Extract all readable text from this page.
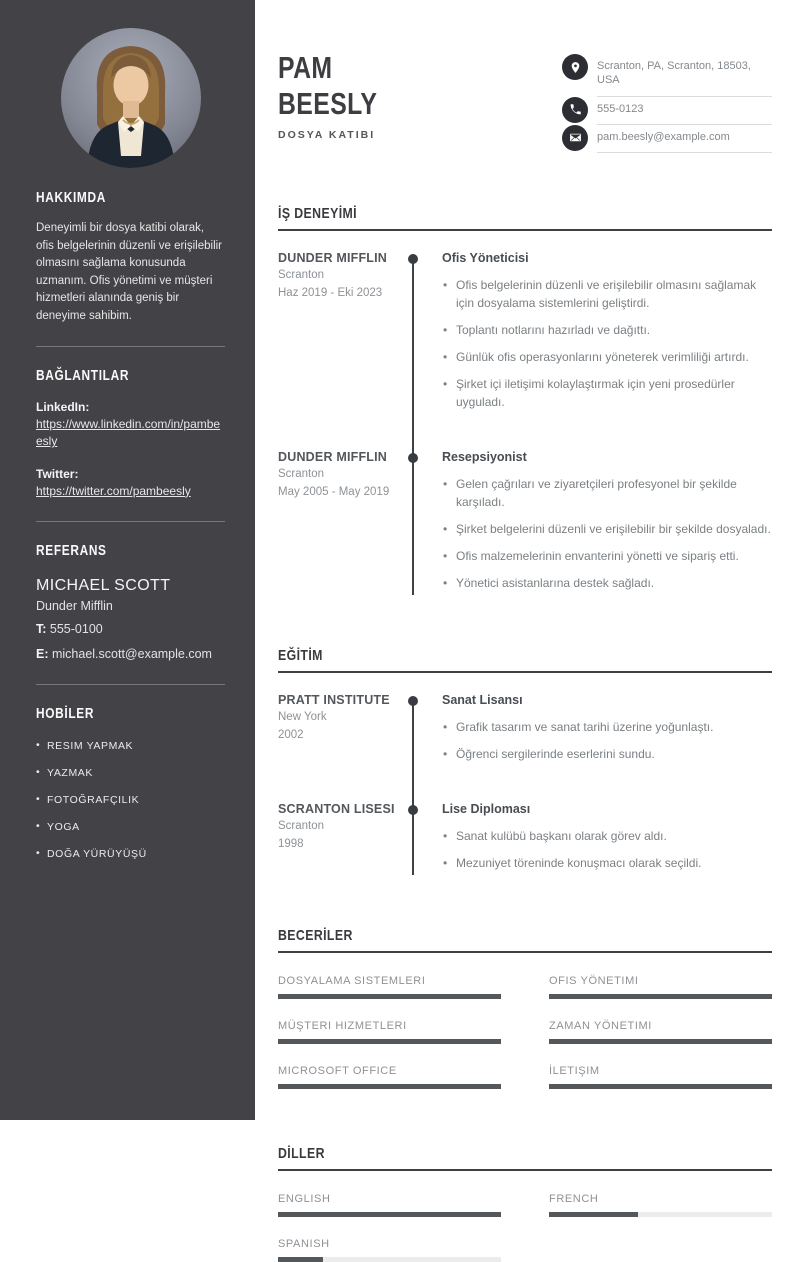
HAKKIMDA

Deneyimli bir dosya katibi olarak, ofis belgelerinin düzenli ve erişilebilir olmasını sağlama konusunda uzmanım. Ofis yönetimi ve müşteri hizmetleri alanında geniş bir deneyime sahibim.

BAĞLANTILAR
LinkedIn:
https://www.linkedin.com/in/pambeesly
Twitter:
https://twitter.com/pambeesly
REFERANS
MICHAEL SCOTT
Dunder Mifflin
T: 555-0100
E: michael.scott@example.com
HOBİLER
• RESIM YAPMAK
• YAZMAK
• FOTOĞRAFÇILIK
• YOGA
• DOĞA YÜRÜYÜŞÜ
PAM
BEESLY
DOSYA KATIBI
Scranton, PA, Scranton, 18503, USA
555-0123
pam.beesly@example.com
İŞ DENEYİMİ
DUNDER MIFFLIN
Scranton
Haz 2019 - Eki 2023
Ofis Yöneticisi
• Ofis belgelerinin düzenli ve erişilebilir olmasını sağlamak için dosyalama sistemlerini geliştirdi.
• Toplantı notlarını hazırladı ve dağıttı.
• Günlük ofis operasyonlarını yöneterek verimliliği artırdı.
• Şirket içi iletişimi kolaylaştırmak için yeni prosedürler uyguladı.
DUNDER MIFFLIN
Scranton
May 2005 - May 2019
Resepsiyonist
• Gelen çağrıları ve ziyaretçileri profesyonel bir şekilde karşıladı.
• Şirket belgelerini düzenli ve erişilebilir bir şekilde dosyaladı.
• Ofis malzemelerinin envanterini yönetti ve sipariş etti.
• Yönetici asistanlarına destek sağladı.
EĞİTİM
PRATT INSTITUTE
New York
2002
Sanat Lisansı
• Grafik tasarım ve sanat tarihi üzerine yoğunlaştı.
• Öğrenci sergilerinde eserlerini sundu.
SCRANTON LISESI
Scranton
1998
Lise Diploması
• Sanat kulübü başkanı olarak görev aldı.
• Mezuniyet töreninde konuşmacı olarak seçildi.
BECERİLER
DOSYALAMA SISTEMLERI	OFIS YÖNETIMI
MÜŞTERI HIZMETLERI	ZAMAN YÖNETIMI
MICROSOFT OFFICE	İLETIŞIM
DİLLER
ENGLISH	FRENCH
SPANISH
